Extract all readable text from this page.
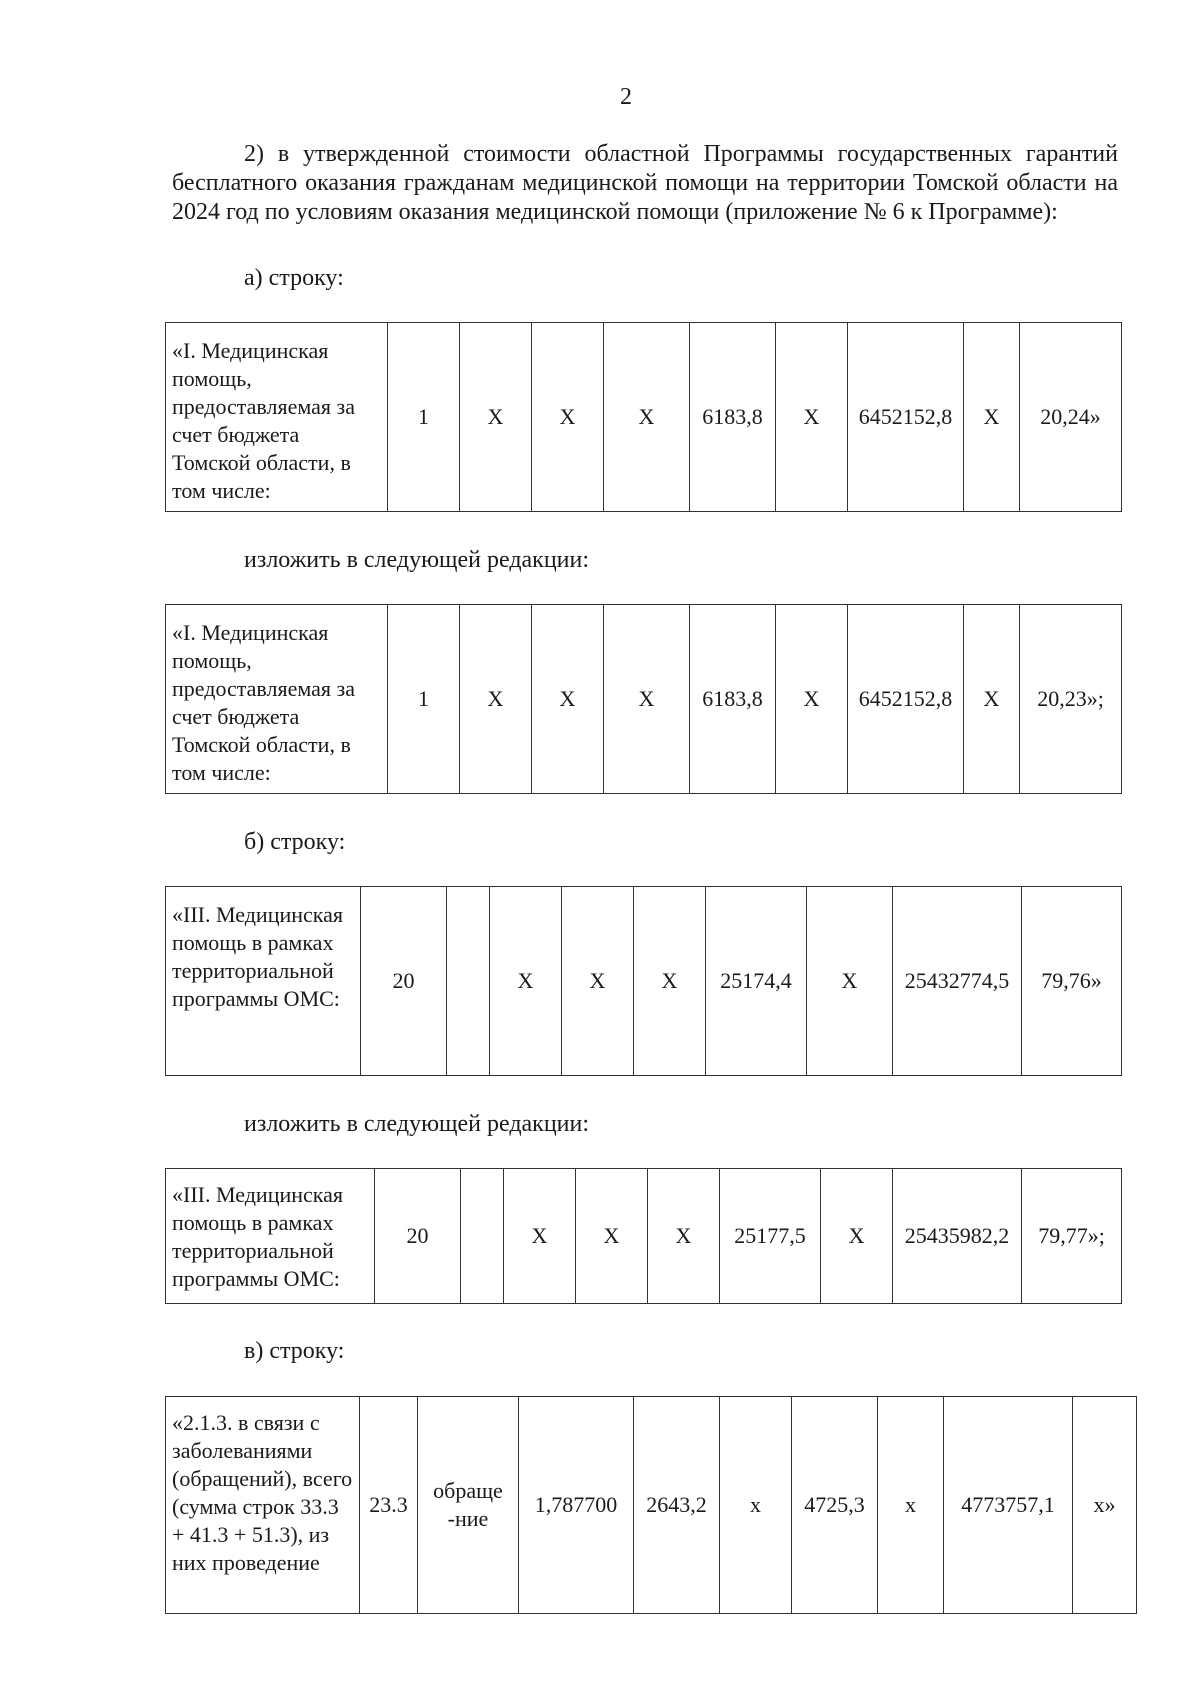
2
2) в утвержденной стоимости областной Программы государственных гарантий бесплатного оказания гражданам медицинской помощи на территории Томской области на 2024 год по условиям оказания медицинской помощи (приложение № 6 к Программе):
а) строку:
«I. Медицинская помощь, предоставляемая за счет бюджета Томской области, в том числе:	1	Х	Х	Х	6183,8	Х	6452152,8	Х	20,24»
изложить в следующей редакции:
«I. Медицинская помощь, предоставляемая за счет бюджета Томской области, в том числе:	1	Х	Х	Х	6183,8	Х	6452152,8	Х	20,23»;
б) строку:
«III. Медицинская помощь в рамках территориальной программы ОМС:	20		Х	Х	Х	25174,4	Х	25432774,5	79,76»
изложить в следующей редакции:
«III. Медицинская помощь в рамках территориальной программы ОМС:	20		Х	Х	Х	25177,5	Х	25435982,2	79,77»;
в) строку:
«2.1.3. в связи с заболеваниями (обращений), всего (сумма строк 33.3 + 41.3 + 51.3), из них проведение	23.3	обраще-ние	1,787700	2643,2	х	4725,3	х	4773757,1	х»
